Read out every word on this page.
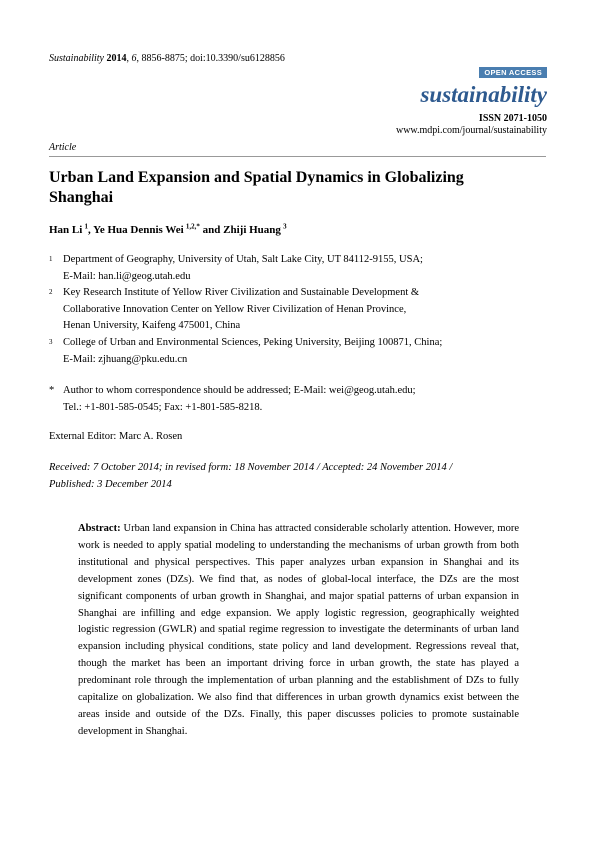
Sustainability 2014, 6, 8856-8875; doi:10.3390/su6128856
OPEN ACCESS
sustainability
ISSN 2071-1050
www.mdpi.com/journal/sustainability
Article
Urban Land Expansion and Spatial Dynamics in Globalizing Shanghai
Han Li  $^1$, Ye Hua Dennis Wei  $^{1,2,*}$ and Zhiji Huang  $^3$
1 Department of Geography, University of Utah, Salt Lake City, UT 84112-9155, USA;
E-Mail: han.li@geog.utah.edu
2 Key Research Institute of Yellow River Civilization and Sustainable Development &
Collaborative Innovation Center on Yellow River Civilization of Henan Province,
Henan University, Kaifeng 475001, China
3 College of Urban and Environmental Sciences, Peking University, Beijing 100871, China;
E-Mail: zjhuang@pku.edu.cn
* Author to whom correspondence should be addressed; E-Mail: wei@geog.utah.edu;
Tel.: +1-801-585-0545; Fax: +1-801-585-8218.
External Editor: Marc A. Rosen
Received: 7 October 2014; in revised form: 18 November 2014 / Accepted: 24 November 2014 /
Published: 3 December 2014
Abstract: Urban land expansion in China has attracted considerable scholarly attention. However, more work is needed to apply spatial modeling to understanding the mechanisms of urban growth from both institutional and physical perspectives. This paper analyzes urban expansion in Shanghai and its development zones (DZs). We find that, as nodes of global-local interface, the DZs are the most significant components of urban growth in Shanghai, and major spatial patterns of urban expansion in Shanghai are infilling and edge expansion. We apply logistic regression, geographically weighted logistic regression (GWLR) and spatial regime regression to investigate the determinants of urban land expansion including physical conditions, state policy and land development. Regressions reveal that, though the market has been an important driving force in urban growth, the state has played a predominant role through the implementation of urban planning and the establishment of DZs to fully capitalize on globalization. We also find that differences in urban growth dynamics exist between the areas inside and outside of the DZs. Finally, this paper discusses policies to promote sustainable development in Shanghai.
